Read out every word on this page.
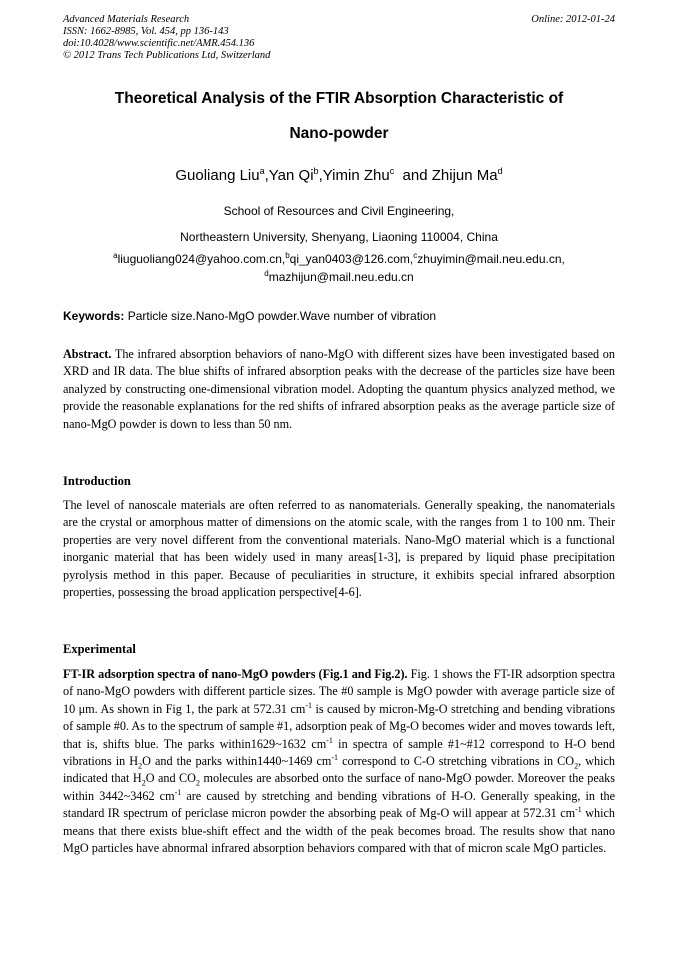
Advanced Materials Research
ISSN: 1662-8985, Vol. 454, pp 136-143
doi:10.4028/www.scientific.net/AMR.454.136
© 2012 Trans Tech Publications Ltd, Switzerland
Online: 2012-01-24
Theoretical Analysis of the FTIR Absorption Characteristic of
Nano-powder
Guoliang Liu$^a$,Yan Qi$^b$,Yimin Zhu$^c$  and Zhijun Ma$^d$
School of Resources and Civil Engineering,
Northeastern University, Shenyang, Liaoning 110004, China
$^a$liuguoliang024@yahoo.com.cn,$^b$qi_yan0403@126.com,$^c$zhuyimin@mail.neu.edu.cn,
$^d$mazhijun@mail.neu.edu.cn
Keywords: Particle size.Nano-MgO powder.Wave number of vibration
Abstract. The infrared absorption behaviors of nano-MgO with different sizes have been investigated based on XRD and IR data. The blue shifts of infrared absorption peaks with the decrease of the particles size have been analyzed by constructing one-dimensional vibration model. Adopting the quantum physics analyzed method, we provide the reasonable explanations for the red shifts of infrared absorption peaks as the average particle size of nano-MgO powder is down to less than 50 nm.
Introduction
The level of nanoscale materials are often referred to as nanomaterials. Generally speaking, the nanomaterials are the crystal or amorphous matter of dimensions on the atomic scale, with the ranges from 1 to 100 nm. Their properties are very novel different from the conventional materials. Nano-MgO material which is a functional inorganic material that has been widely used in many areas[1-3], is prepared by liquid phase precipitation pyrolysis method in this paper. Because of peculiarities in structure, it exhibits special infrared absorption properties, possessing the broad application perspective[4-6].
Experimental
FT-IR adsorption spectra of nano-MgO powders (Fig.1 and Fig.2). Fig. 1 shows the FT-IR adsorption spectra of nano-MgO powders with different particle sizes. The #0 sample is MgO powder with average particle size of 10 μm. As shown in Fig 1, the park at 572.31 $cm^{-1}$ is caused by micron-Mg-O stretching and bending vibrations of sample #0. As to the spectrum of sample #1, adsorption peak of Mg-O becomes wider and moves towards left, that is, shifts blue. The parks within1629~1632 $cm^{-1}$ in spectra of sample #1~#12 correspond to H-O bend vibrations in $H_2O$ and the parks within1440~1469 $cm^{-1}$ correspond to C-O stretching vibrations in $CO_2$, which indicated that $H_2O$ and $CO_2$ molecules are absorbed onto the surface of nano-MgO powder. Moreover the peaks within 3442~3462 $cm^{-1}$ are caused by stretching and bending vibrations of H-O. Generally speaking, in the standard IR spectrum of periclase micron powder the absorbing peak of Mg-O will appear at 572.31 $cm^{-1}$ which means that there exists blue-shift effect and the width of the peak becomes broad. The results show that nano MgO particles have abnormal infrared absorption behaviors compared with that of micron scale MgO particles.
